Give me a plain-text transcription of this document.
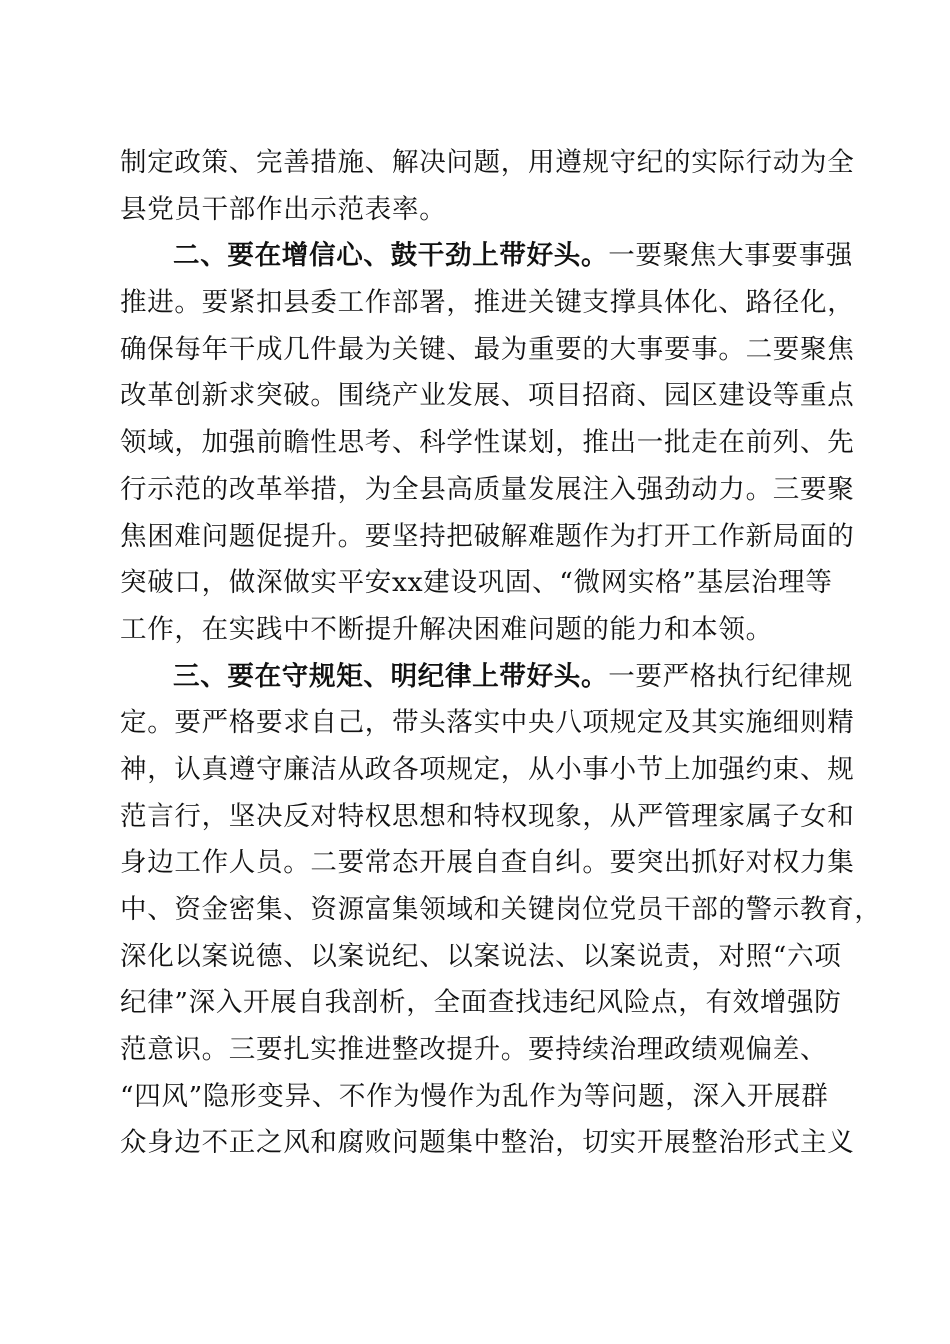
制定政策、完善措施、解决问题，用遵规守纪的实际行动为全
县党员干部作出示范表率。
二、要在增信心、鼓干劲上带好头。一要聚焦大事要事强
推进。要紧扣县委工作部署，推进关键支撑具体化、路径化，
确保每年干成几件最为关键、最为重要的大事要事。二要聚焦
改革创新求突破。围绕产业发展、项目招商、园区建设等重点
领域，加强前瞻性思考、科学性谋划，推出一批走在前列、先
行示范的改革举措，为全县高质量发展注入强劲动力。三要聚
焦困难问题促提升。要坚持把破解难题作为打开工作新局面的
突破口，做深做实平安xx建设巩固、“微网实格”基层治理等
工作，在实践中不断提升解决困难问题的能力和本领。
三、要在守规矩、明纪律上带好头。一要严格执行纪律规
定。要严格要求自己，带头落实中央八项规定及其实施细则精
神，认真遵守廉洁从政各项规定，从小事小节上加强约束、规
范言行，坚决反对特权思想和特权现象，从严管理家属子女和
身边工作人员。二要常态开展自查自纠。要突出抓好对权力集
中、资金密集、资源富集领域和关键岗位党员干部的警示教育，
深化以案说德、以案说纪、以案说法、以案说责，对照“六项
纪律”深入开展自我剖析，全面查找违纪风险点，有效增强防
范意识。三要扎实推进整改提升。要持续治理政绩观偏差、
“四风”隐形变异、不作为慢作为乱作为等问题，深入开展群
众身边不正之风和腐败问题集中整治，切实开展整治形式主义
